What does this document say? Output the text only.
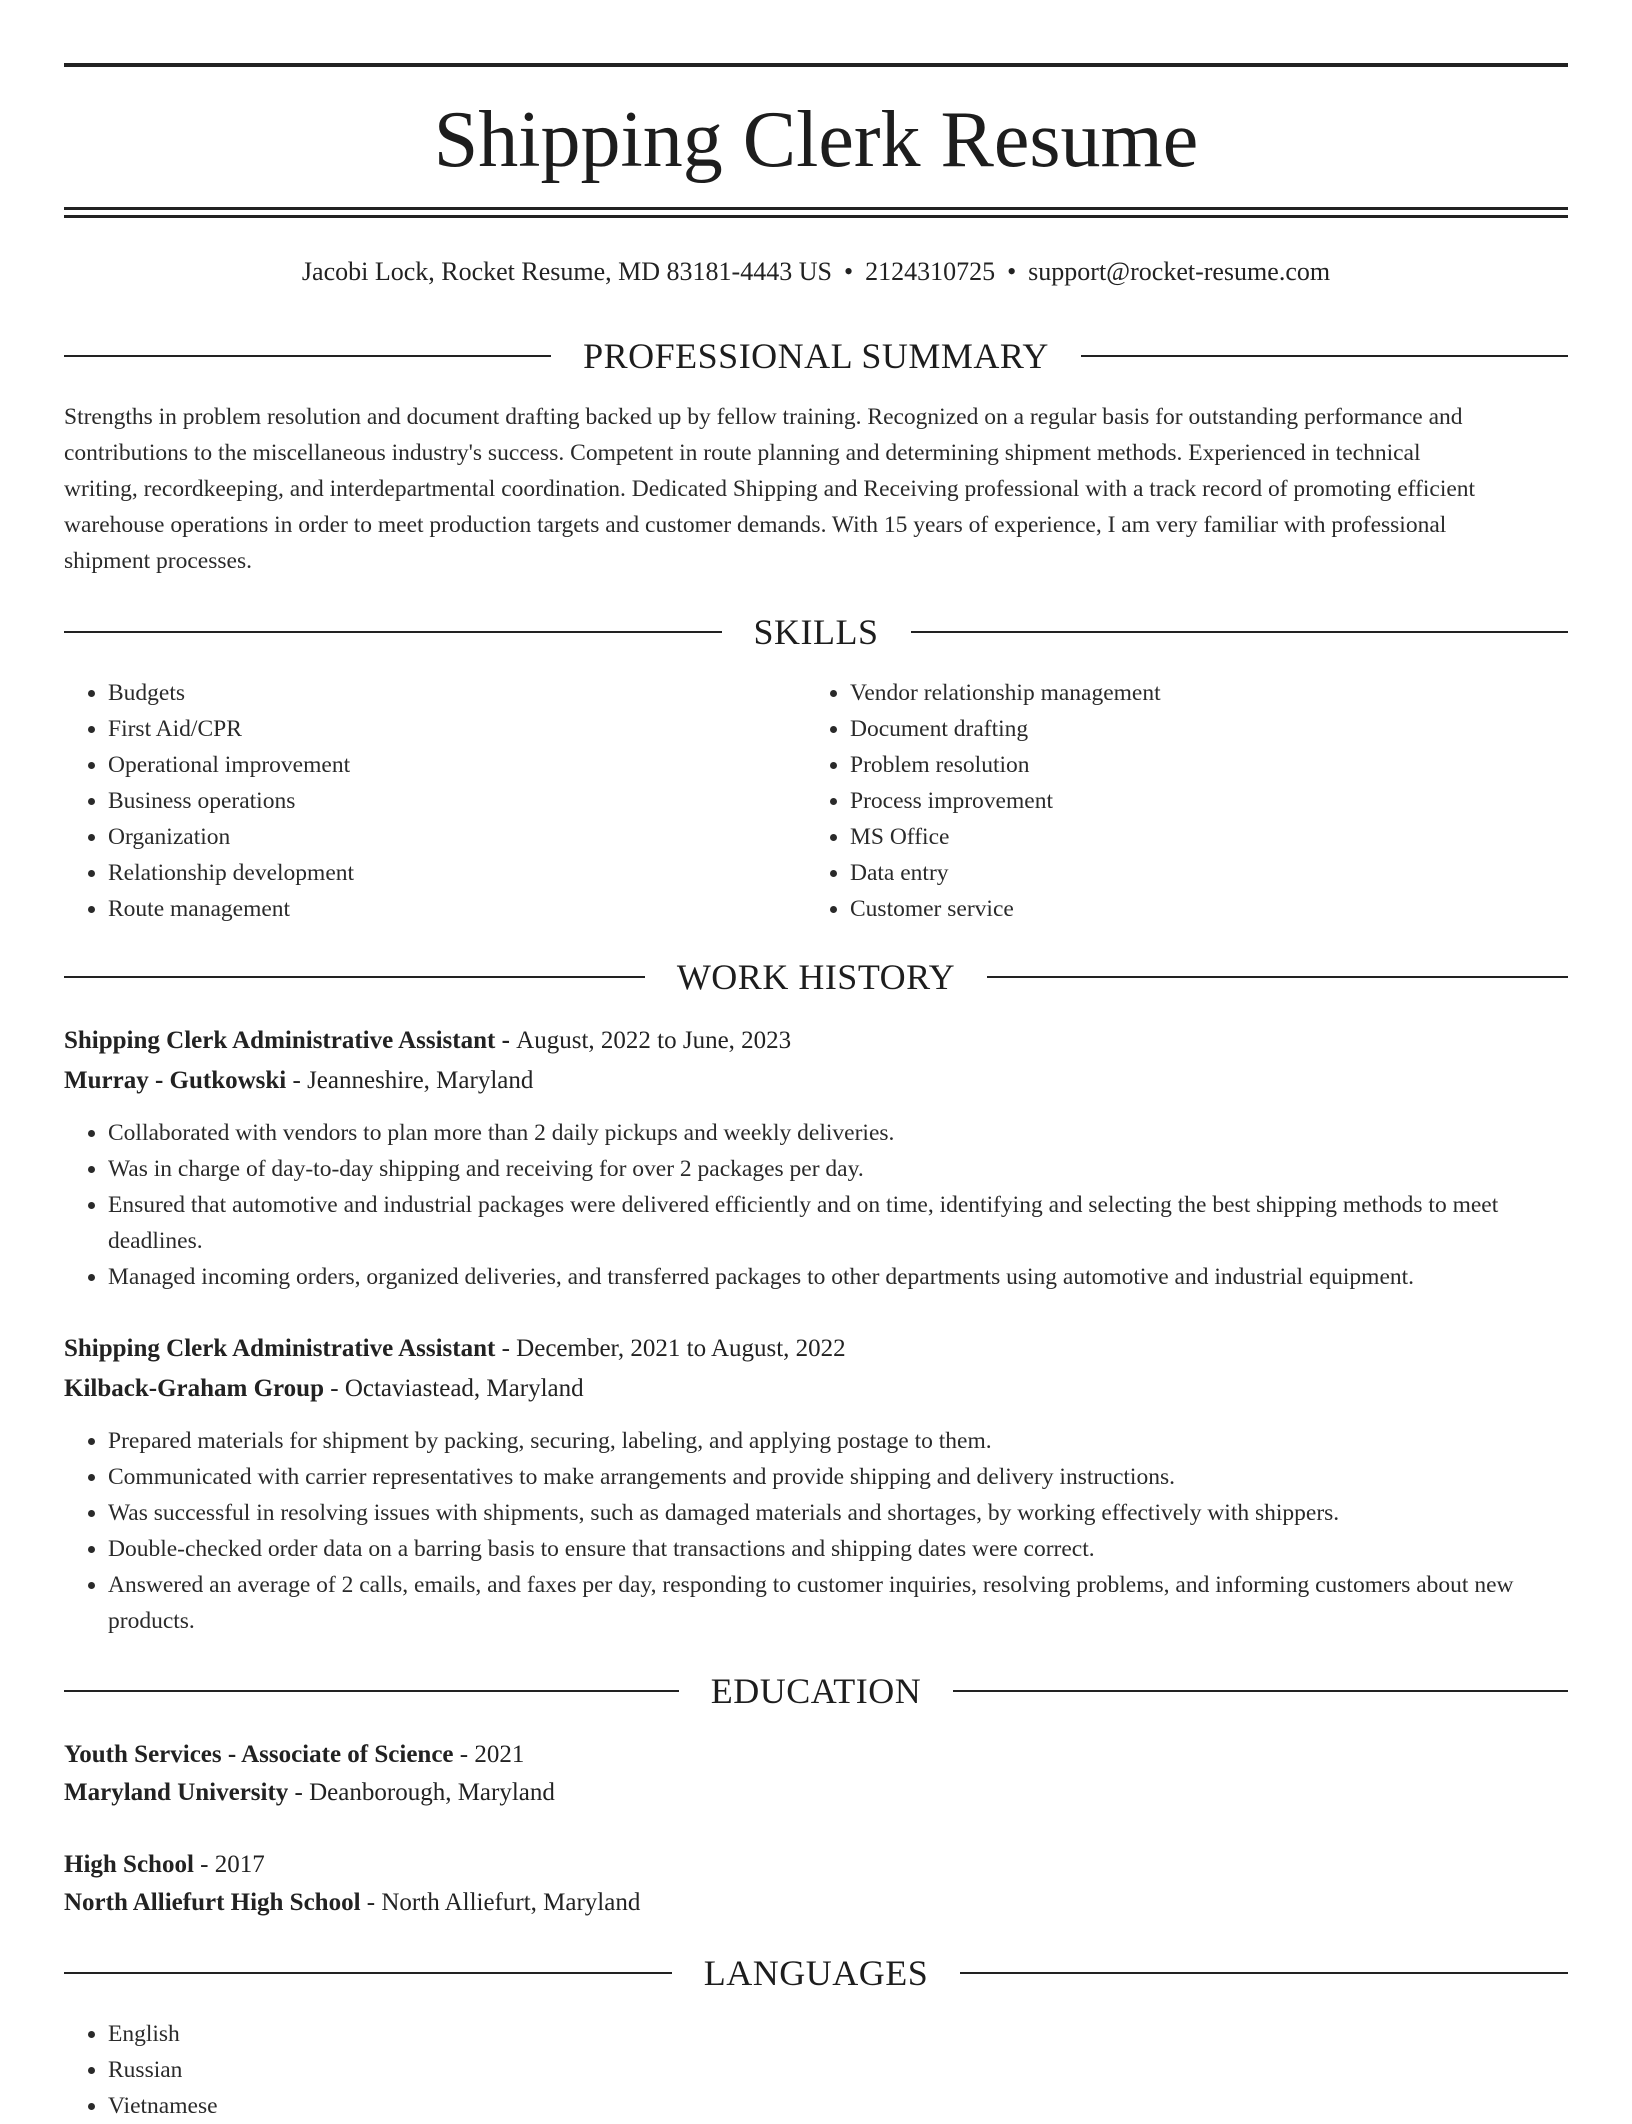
Shipping Clerk Resume
Jacobi Lock, Rocket Resume, MD 83181-4443 US • 2124310725 • support@rocket-resume.com
PROFESSIONAL SUMMARY
Strengths in problem resolution and document drafting backed up by fellow training. Recognized on a regular basis for outstanding performance and
contributions to the miscellaneous industry's success. Competent in route planning and determining shipment methods. Experienced in technical
writing, recordkeeping, and interdepartmental coordination. Dedicated Shipping and Receiving professional with a track record of promoting efficient
warehouse operations in order to meet production targets and customer demands. With 15 years of experience, I am very familiar with professional
shipment processes.
SKILLS
• Budgets
• First Aid/CPR
• Operational improvement
• Business operations
• Organization
• Relationship development
• Route management
• Vendor relationship management
• Document drafting
• Problem resolution
• Process improvement
• MS Office
• Data entry
• Customer service
WORK HISTORY
Shipping Clerk Administrative Assistant - August, 2022 to June, 2023
Murray - Gutkowski - Jeanneshire, Maryland
• Collaborated with vendors to plan more than 2 daily pickups and weekly deliveries.
• Was in charge of day-to-day shipping and receiving for over 2 packages per day.
• Ensured that automotive and industrial packages were delivered efficiently and on time, identifying and selecting the best shipping methods to meet deadlines.
• Managed incoming orders, organized deliveries, and transferred packages to other departments using automotive and industrial equipment.
Shipping Clerk Administrative Assistant - December, 2021 to August, 2022
Kilback-Graham Group - Octaviastead, Maryland
• Prepared materials for shipment by packing, securing, labeling, and applying postage to them.
• Communicated with carrier representatives to make arrangements and provide shipping and delivery instructions.
• Was successful in resolving issues with shipments, such as damaged materials and shortages, by working effectively with shippers.
• Double-checked order data on a barring basis to ensure that transactions and shipping dates were correct.
• Answered an average of 2 calls, emails, and faxes per day, responding to customer inquiries, resolving problems, and informing customers about new products.
EDUCATION
Youth Services - Associate of Science - 2021
Maryland University - Deanborough, Maryland
High School - 2017
North Alliefurt High School - North Alliefurt, Maryland
LANGUAGES
• English
• Russian
• Vietnamese
